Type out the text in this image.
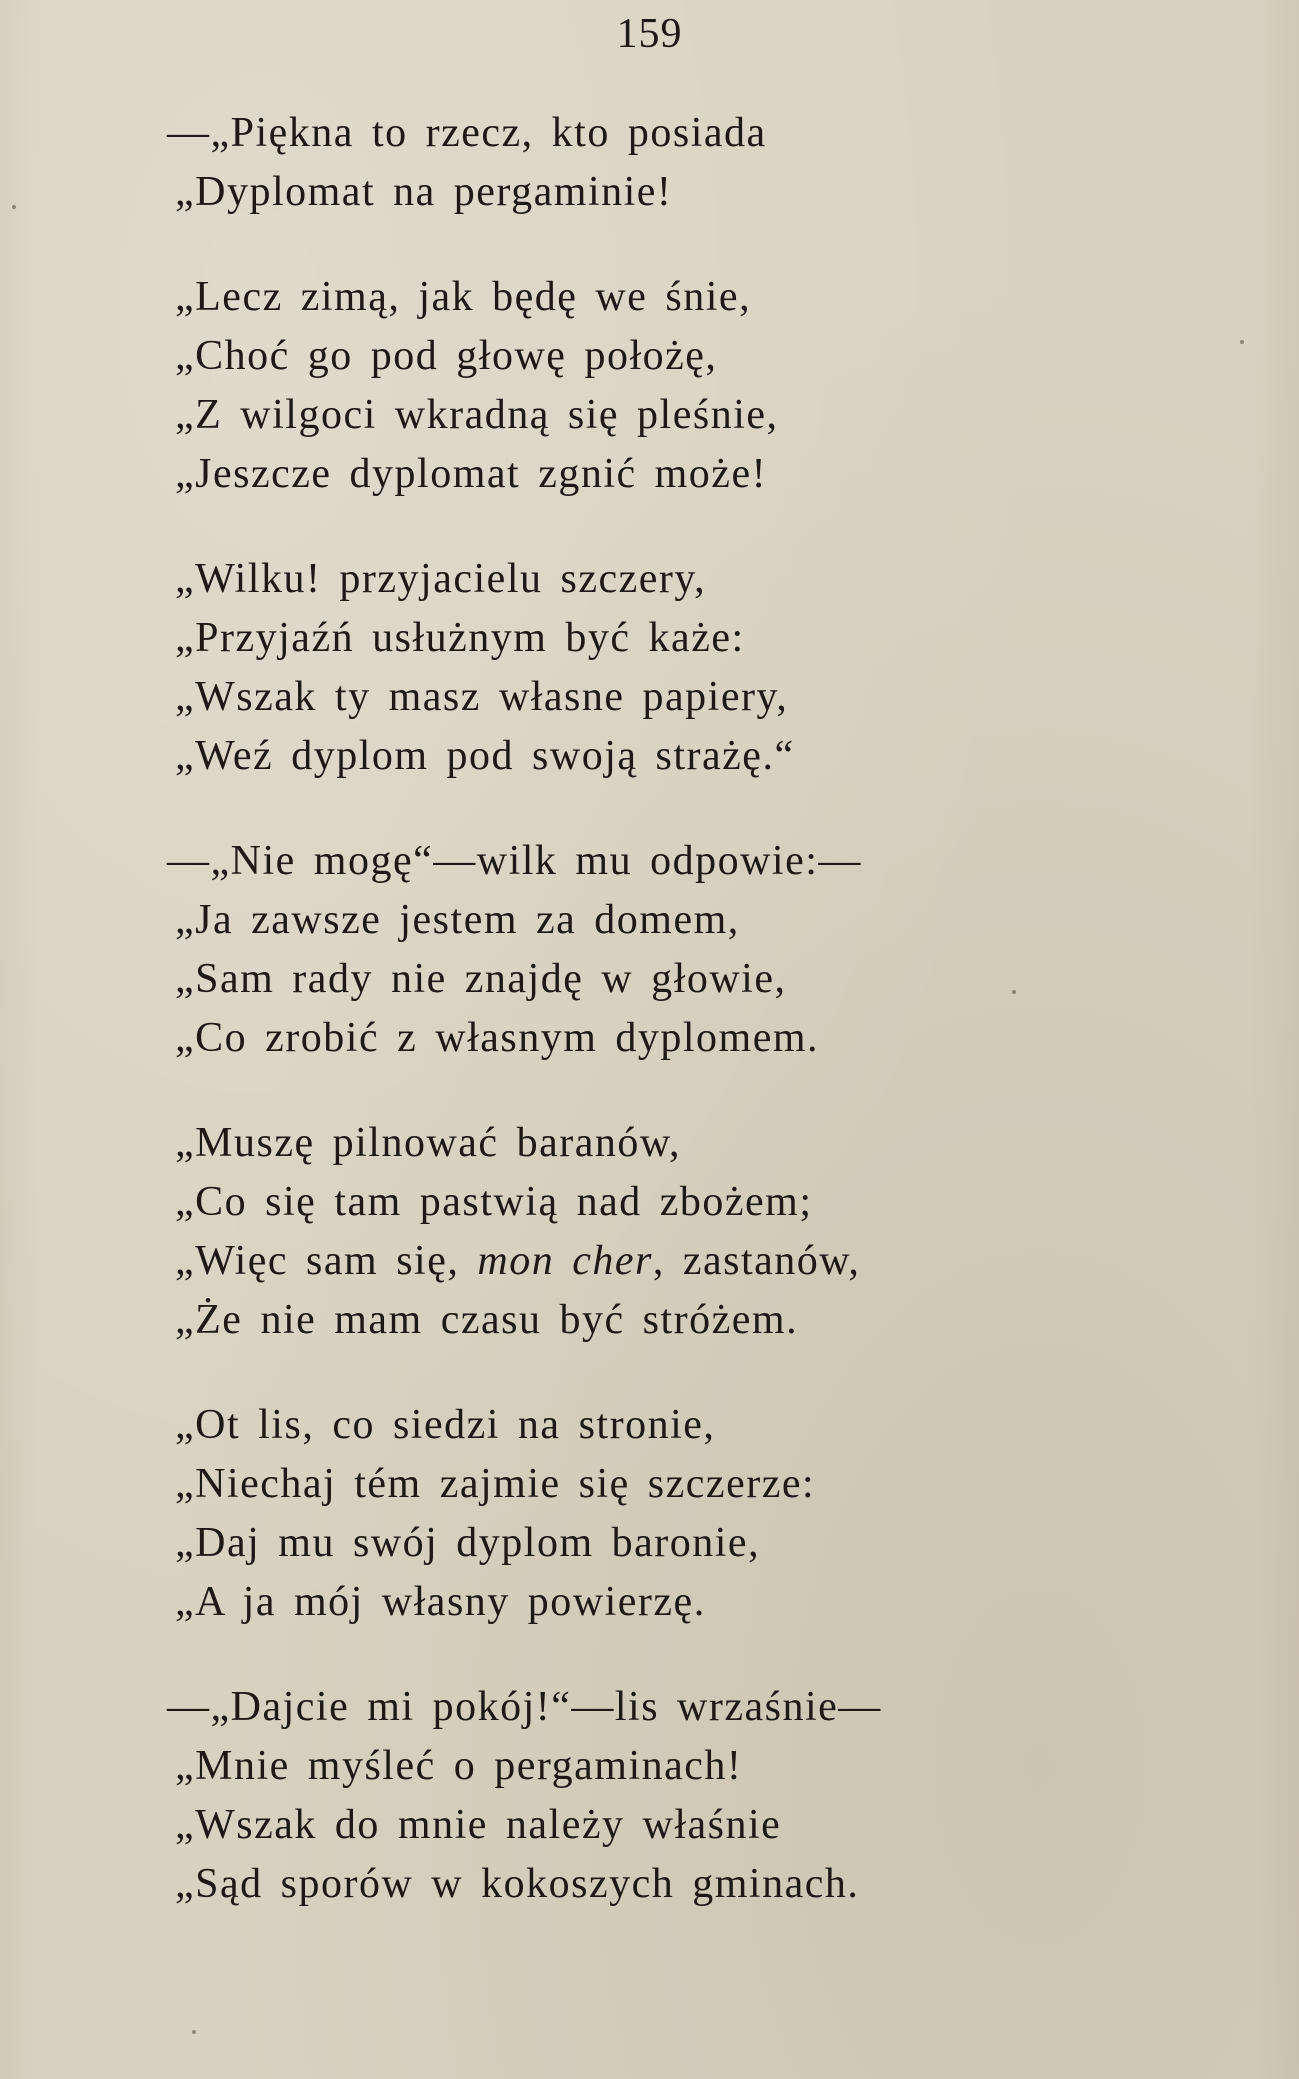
159
—„Piękna to rzecz, kto posiada
„Dyplomat na pergaminie!
„Lecz zimą, jak będę we śnie,
„Choć go pod głowę położę,
„Z wilgoci wkradną się pleśnie,
„Jeszcze dyplomat zgnić może!
„Wilku! przyjacielu szczery,
„Przyjaźń usłużnym być każe:
„Wszak ty masz własne papiery,
„Weź dyplom pod swoją strażę.“
—„Nie mogę“—wilk mu odpowie:—
„Ja zawsze jestem za domem,
„Sam rady nie znajdę w głowie,
„Co zrobić z własnym dyplomem.
„Muszę pilnować baranów,
„Co się tam pastwią nad zbożem;
„Więc sam się, mon cher, zastanów,
„Że nie mam czasu być stróżem.
„Ot lis, co siedzi na stronie,
„Niechaj tém zajmie się szczerze:
„Daj mu swój dyplom baronie,
„A ja mój własny powierzę.
—„Dajcie mi pokój!“—lis wrzaśnie—
„Mnie myśleć o pergaminach!
„Wszak do mnie należy właśnie
„Sąd sporów w kokoszych gminach.
